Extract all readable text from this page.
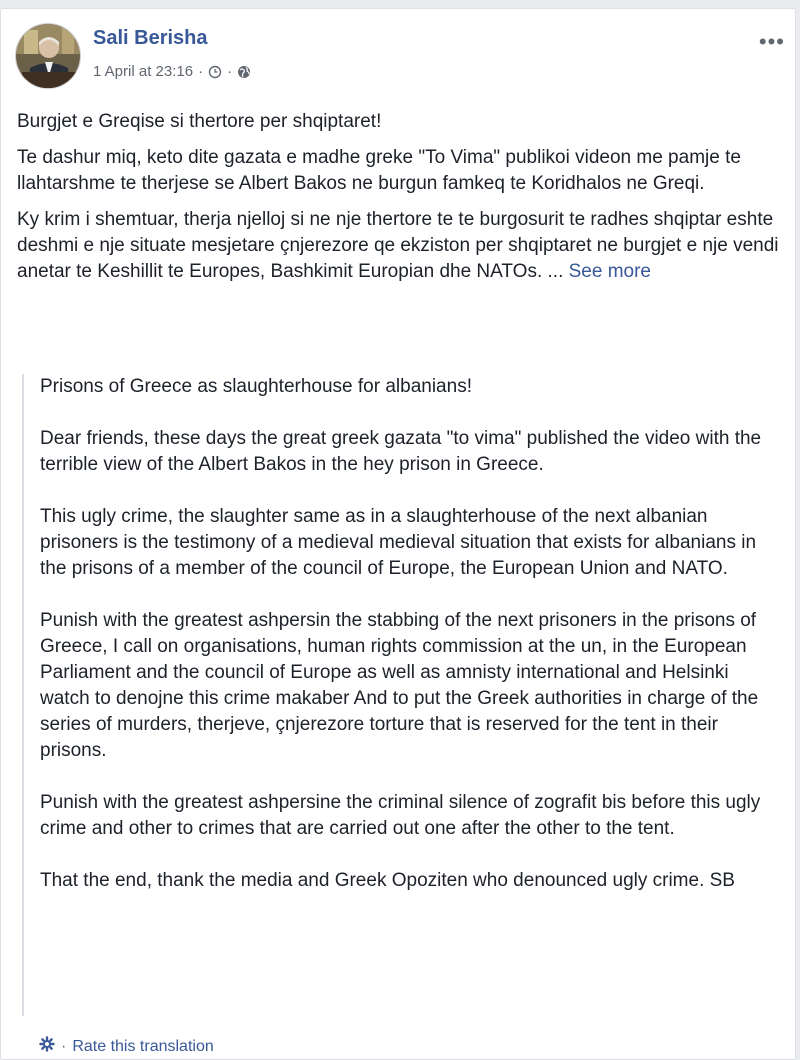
Sali Berisha
1 April at 23:16 · ·
•••

Burgjet e Greqise si thertore per shqiptaret!

Te dashur miq, keto dite gazata e madhe greke "To Vima" publikoi videon me pamje te llahtarshme te therjese se Albert Bakos ne burgun famkeq te Koridhalos ne Greqi.

Ky krim i shemtuar, therja njelloj si ne nje thertore te te burgosurit te radhes shqiptar eshte deshmi e nje situate mesjetare çnjerezore qe ekziston per shqiptaret ne burgjet e nje vendi anetar te Keshillit te Europes, Bashkimit Europian dhe NATOs. ... See more

Prisons of Greece as slaughterhouse for albanians!

Dear friends, these days the great greek gazata "to vima" published the video with the terrible view of the Albert Bakos in the hey prison in Greece.

This ugly crime, the slaughter same as in a slaughterhouse of the next albanian prisoners is the testimony of a medieval medieval situation that exists for albanians in the prisons of a member of the council of Europe, the European Union and NATO.

Punish with the greatest ashpersin the stabbing of the next prisoners in the prisons of Greece, I call on organisations, human rights commission at the un, in the European Parliament and the council of Europe as well as amnisty international and Helsinki watch to denojne this crime makaber And to put the Greek authorities in charge of the series of murders, therjeve, çnjerezore torture that is reserved for the tent in their prisons.

Punish with the greatest ashpersine the criminal silence of zografit bis before this ugly crime and other to crimes that are carried out one after the other to the tent.

That the end, thank the media and Greek Opoziten who denounced ugly crime. SB

· Rate this translation
